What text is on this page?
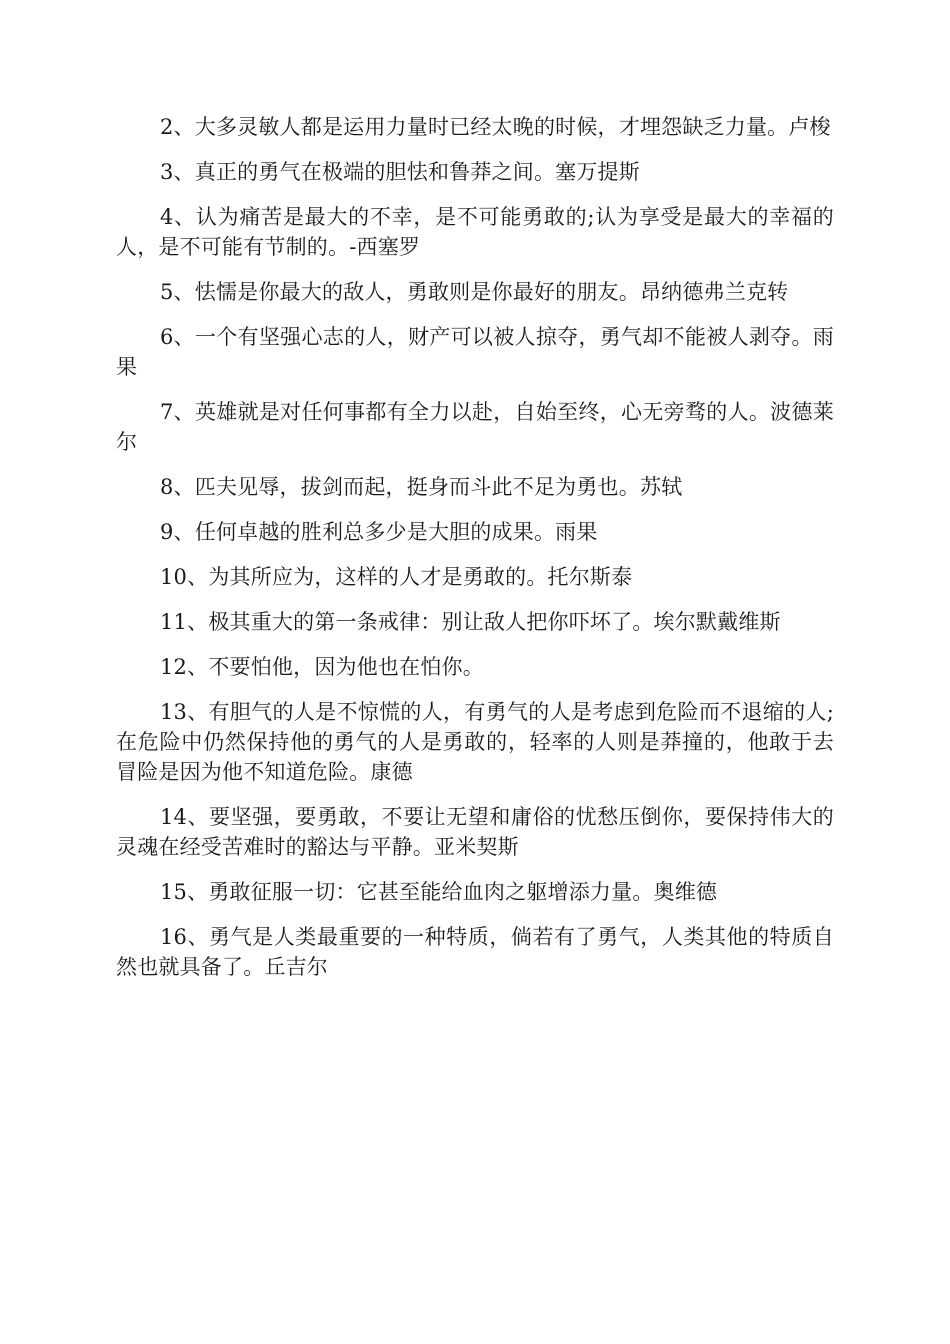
2、大多灵敏人都是运用力量时已经太晚的时候，才埋怨缺乏力量。卢梭

3、真正的勇气在极端的胆怯和鲁莽之间。塞万提斯

4、认为痛苦是最大的不幸，是不可能勇敢的;认为享受是最大的幸福的人，是不可能有节制的。-西塞罗

5、怯懦是你最大的敌人，勇敢则是你最好的朋友。昂纳德弗兰克转

6、一个有坚强心志的人，财产可以被人掠夺，勇气却不能被人剥夺。雨果

7、英雄就是对任何事都有全力以赴，自始至终，心无旁骛的人。波德莱尔

8、匹夫见辱，拔剑而起，挺身而斗此不足为勇也。苏轼

9、任何卓越的胜利总多少是大胆的成果。雨果

10、为其所应为，这样的人才是勇敢的。托尔斯泰

11、极其重大的第一条戒律：别让敌人把你吓坏了。埃尔默戴维斯

12、不要怕他，因为他也在怕你。

13、有胆气的人是不惊慌的人，有勇气的人是考虑到危险而不退缩的人;在危险中仍然保持他的勇气的人是勇敢的，轻率的人则是莽撞的，他敢于去冒险是因为他不知道危险。康德

14、要坚强，要勇敢，不要让无望和庸俗的忧愁压倒你，要保持伟大的灵魂在经受苦难时的豁达与平静。亚米契斯

15、勇敢征服一切：它甚至能给血肉之躯增添力量。奥维德

16、勇气是人类最重要的一种特质，倘若有了勇气，人类其他的特质自然也就具备了。丘吉尔
